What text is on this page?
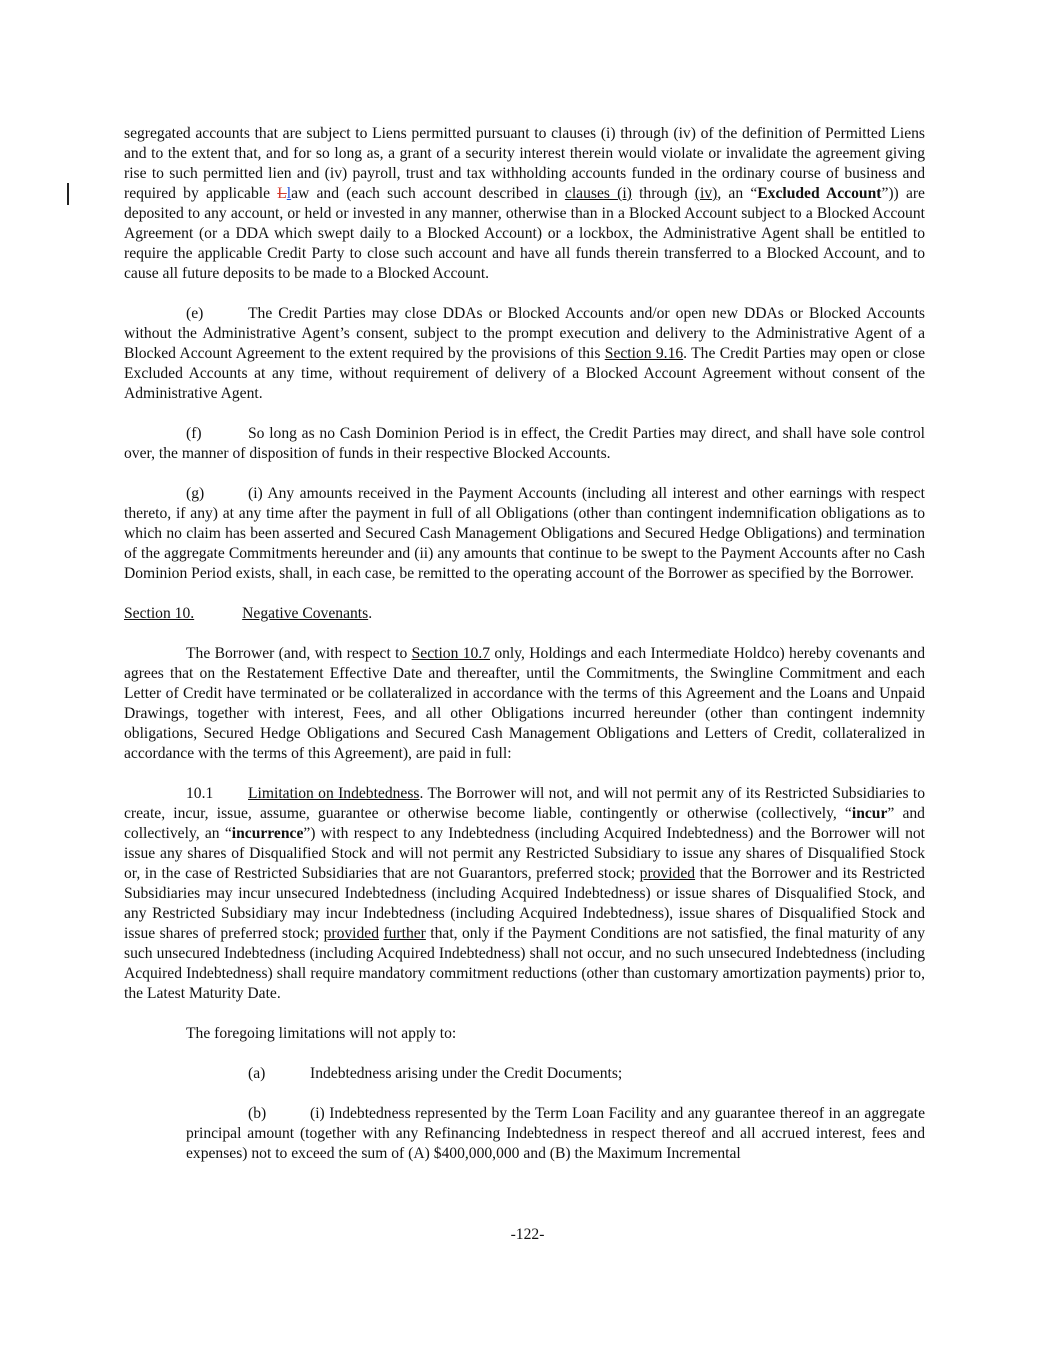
segregated accounts that are subject to Liens permitted pursuant to clauses (i) through (iv) of the definition of Permitted Liens and to the extent that, and for so long as, a grant of a security interest therein would violate or invalidate the agreement giving rise to such permitted lien and (iv) payroll, trust and tax withholding accounts funded in the ordinary course of business and required by applicable Llaw and (each such account described in clauses (i) through (iv), an “Excluded Account”)) are deposited to any account, or held or invested in any manner, otherwise than in a Blocked Account subject to a Blocked Account Agreement (or a DDA which swept daily to a Blocked Account) or a lockbox, the Administrative Agent shall be entitled to require the applicable Credit Party to close such account and have all funds therein transferred to a Blocked Account, and to cause all future deposits to be made to a Blocked Account.

(e)	The Credit Parties may close DDAs or Blocked Accounts and/or open new DDAs or Blocked Accounts without the Administrative Agent’s consent, subject to the prompt execution and delivery to the Administrative Agent of a Blocked Account Agreement to the extent required by the provisions of this Section 9.16. The Credit Parties may open or close Excluded Accounts at any time, without requirement of delivery of a Blocked Account Agreement without consent of the Administrative Agent.

(f)	So long as no Cash Dominion Period is in effect, the Credit Parties may direct, and shall have sole control over, the manner of disposition of funds in their respective Blocked Accounts.

(g)	(i) Any amounts received in the Payment Accounts (including all interest and other earnings with respect thereto, if any) at any time after the payment in full of all Obligations (other than contingent indemnification obligations as to which no claim has been asserted and Secured Cash Management Obligations and Secured Hedge Obligations) and termination of the aggregate Commitments hereunder and (ii) any amounts that continue to be swept to the Payment Accounts after no Cash Dominion Period exists, shall, in each case, be remitted to the operating account of the Borrower as specified by the Borrower.

Section 10.	Negative Covenants.

The Borrower (and, with respect to Section 10.7 only, Holdings and each Intermediate Holdco) hereby covenants and agrees that on the Restatement Effective Date and thereafter, until the Commitments, the Swingline Commitment and each Letter of Credit have terminated or be collateralized in accordance with the terms of this Agreement and the Loans and Unpaid Drawings, together with interest, Fees, and all other Obligations incurred hereunder (other than contingent indemnity obligations, Secured Hedge Obligations and Secured Cash Management Obligations and Letters of Credit, collateralized in accordance with the terms of this Agreement), are paid in full:

10.1 Limitation on Indebtedness. The Borrower will not, and will not permit any of its Restricted Subsidiaries to create, incur, issue, assume, guarantee or otherwise become liable, contingently or otherwise (collectively, “incur” and collectively, an “incurrence”) with respect to any Indebtedness (including Acquired Indebtedness) and the Borrower will not issue any shares of Disqualified Stock and will not permit any Restricted Subsidiary to issue any shares of Disqualified Stock or, in the case of Restricted Subsidiaries that are not Guarantors, preferred stock; provided that the Borrower and its Restricted Subsidiaries may incur unsecured Indebtedness (including Acquired Indebtedness) or issue shares of Disqualified Stock, and any Restricted Subsidiary may incur Indebtedness (including Acquired Indebtedness), issue shares of Disqualified Stock and issue shares of preferred stock; provided further that, only if the Payment Conditions are not satisfied, the final maturity of any such unsecured Indebtedness (including Acquired Indebtedness) shall not occur, and no such unsecured Indebtedness (including Acquired Indebtedness) shall require mandatory commitment reductions (other than customary amortization payments) prior to, the Latest Maturity Date.

The foregoing limitations will not apply to:

(a)	Indebtedness arising under the Credit Documents;

(b)	(i) Indebtedness represented by the Term Loan Facility and any guarantee thereof in an aggregate principal amount (together with any Refinancing Indebtedness in respect thereof and all accrued interest, fees and expenses) not to exceed the sum of (A) $400,000,000 and (B) the Maximum Incremental

-122-
